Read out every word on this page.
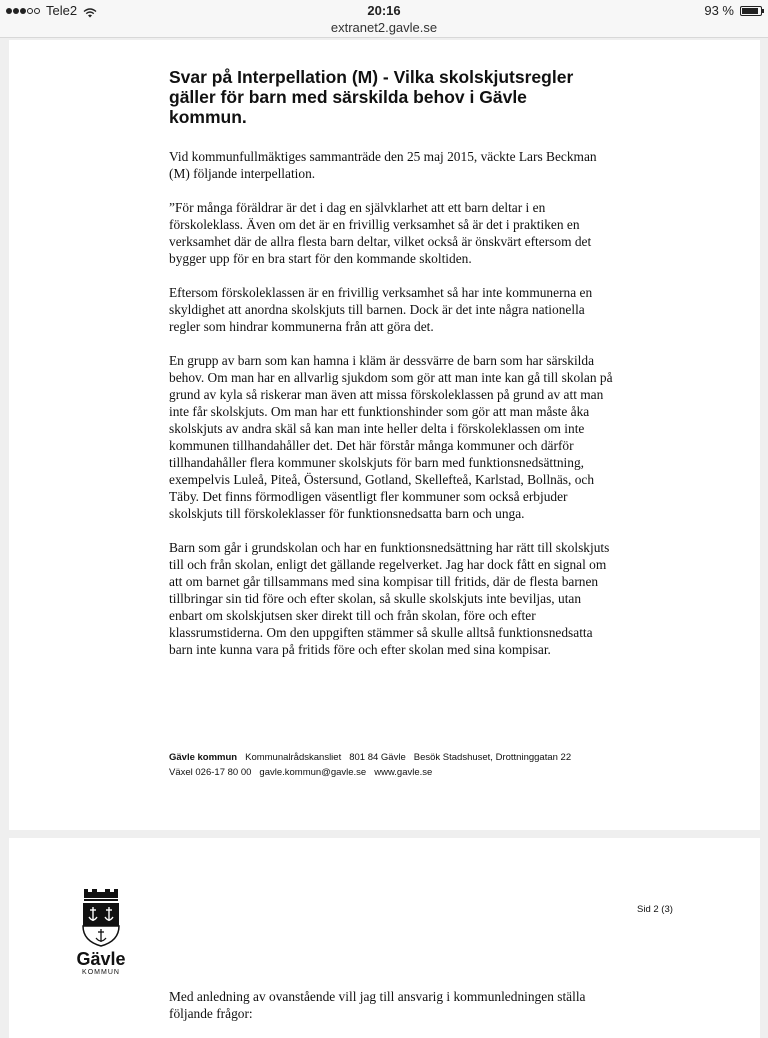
Tele2	20:16
extranet2.gavle.se
93 %
Svar på Interpellation (M) - Vilka skolskjutsregler gäller för barn med särskilda behov i Gävle kommun.

Vid kommunfullmäktiges sammanträde den 25 maj 2015, väckte Lars Beckman (M) följande interpellation.

”För många föräldrar är det i dag en självklarhet att ett barn deltar i en förskoleklass. Även om det är en frivillig verksamhet så är det i praktiken en verksamhet där de allra flesta barn deltar, vilket också är önskvärt eftersom det bygger upp för en bra start för den kommande skoltiden.

Eftersom förskoleklassen är en frivillig verksamhet så har inte kommunerna en skyldighet att anordna skolskjuts till barnen. Dock är det inte några nationella regler som hindrar kommunerna från att göra det.

En grupp av barn som kan hamna i kläm är dessvärre de barn som har särskilda behov. Om man har en allvarlig sjukdom som gör att man inte kan gå till skolan på grund av kyla så riskerar man även att missa förskoleklassen på grund av att man inte får skolskjuts. Om man har ett funktionshinder som gör att man måste åka skolskjuts av andra skäl så kan man inte heller delta i förskoleklassen om inte kommunen tillhandahåller det. Det här förstår många kommuner och därför tillhandahåller flera kommuner skolskjuts för barn med funktionsnedsättning, exempelvis Luleå, Piteå, Östersund, Gotland, Skellefteå, Karlstad, Bollnäs, och Täby. Det finns förmodligen väsentligt fler kommuner som också erbjuder skolskjuts till förskoleklasser för funktionsnedsatta barn och unga.

Barn som går i grundskolan och har en funktionsnedsättning har rätt till skolskjuts till och från skolan, enligt det gällande regelverket. Jag har dock fått en signal om att om barnet går tillsammans med sina kompisar till fritids, där de flesta barnen tillbringar sin tid före och efter skolan, så skulle skolskjuts inte beviljas, utan enbart om skolskjutsen sker direkt till och från skolan, före och efter klassrumstiderna. Om den uppgiften stämmer så skulle alltså funktionsnedsatta barn inte kunna vara på fritids före och efter skolan med sina kompisar.

Gävle kommun Kommunalrådskansliet 801 84 Gävle Besök Stadshuset, Drottninggatan 22
Växel 026-17 80 00 gavle.kommun@gavle.se www.gavle.se
Gävle
KOMMUN
Sid 2 (3)

Med anledning av ovanstående vill jag till ansvarig i kommunledningen ställa följande frågor:
